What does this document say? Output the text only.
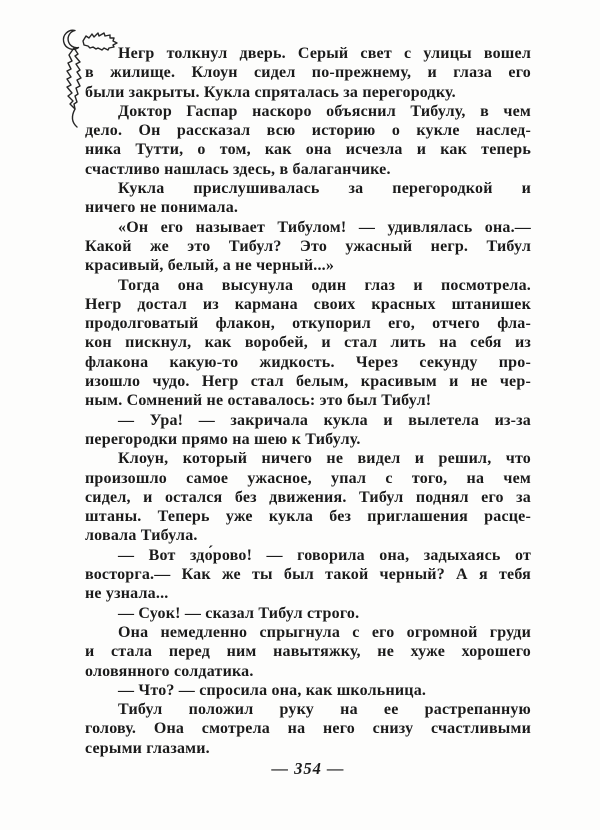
Негр толкнул дверь. Серый свет с улицы вошел
в жилище. Клоун сидел по-прежнему, и глаза его
были закрыты. Кукла спряталась за перегородку.

Доктор Гаспар наскоро объяснил Тибулу, в чем
дело. Он рассказал всю историю о кукле наслед-
ника Тутти, о том, как она исчезла и как теперь
счастливо нашлась здесь, в балаганчике.

Кукла прислушивалась за перегородкой и
ничего не понимала.

«Он его называет Тибулом! — удивлялась она.—
Какой же это Тибул? Это ужасный негр. Тибул
красивый, белый, а не черный...»

Тогда она высунула один глаз и посмотрела.
Негр достал из кармана своих красных штанишек
продолговатый флакон, откупорил его, отчего фла-
кон пискнул, как воробей, и стал лить на себя из
флакона какую-то жидкость. Через секунду про-
изошло чудо. Негр стал белым, красивым и не чер-
ным. Сомнений не оставалось: это был Тибул!

— Ура! — закричала кукла и вылетела из-за
перегородки прямо на шею к Тибулу.

Клоун, который ничего не видел и решил, что
произошло самое ужасное, упал с того, на чем
сидел, и остался без движения. Тибул поднял его за
штаны. Теперь уже кукла без приглашения расце-
ловала Тибула.

— Вот здо́рово! — говорила она, задыхаясь от
восторга.— Как же ты был такой черный? А я тебя
не узнала...

— Суок! — сказал Тибул строго.

Она немедленно спрыгнула с его огромной груди
и стала перед ним навытяжку, не хуже хорошего
оловянного солдатика.

— Что? — спросила она, как школьница.

Тибул положил руку на ее растрепанную
голову. Она смотрела на него снизу счастливыми
серыми глазами.

— 354 —
